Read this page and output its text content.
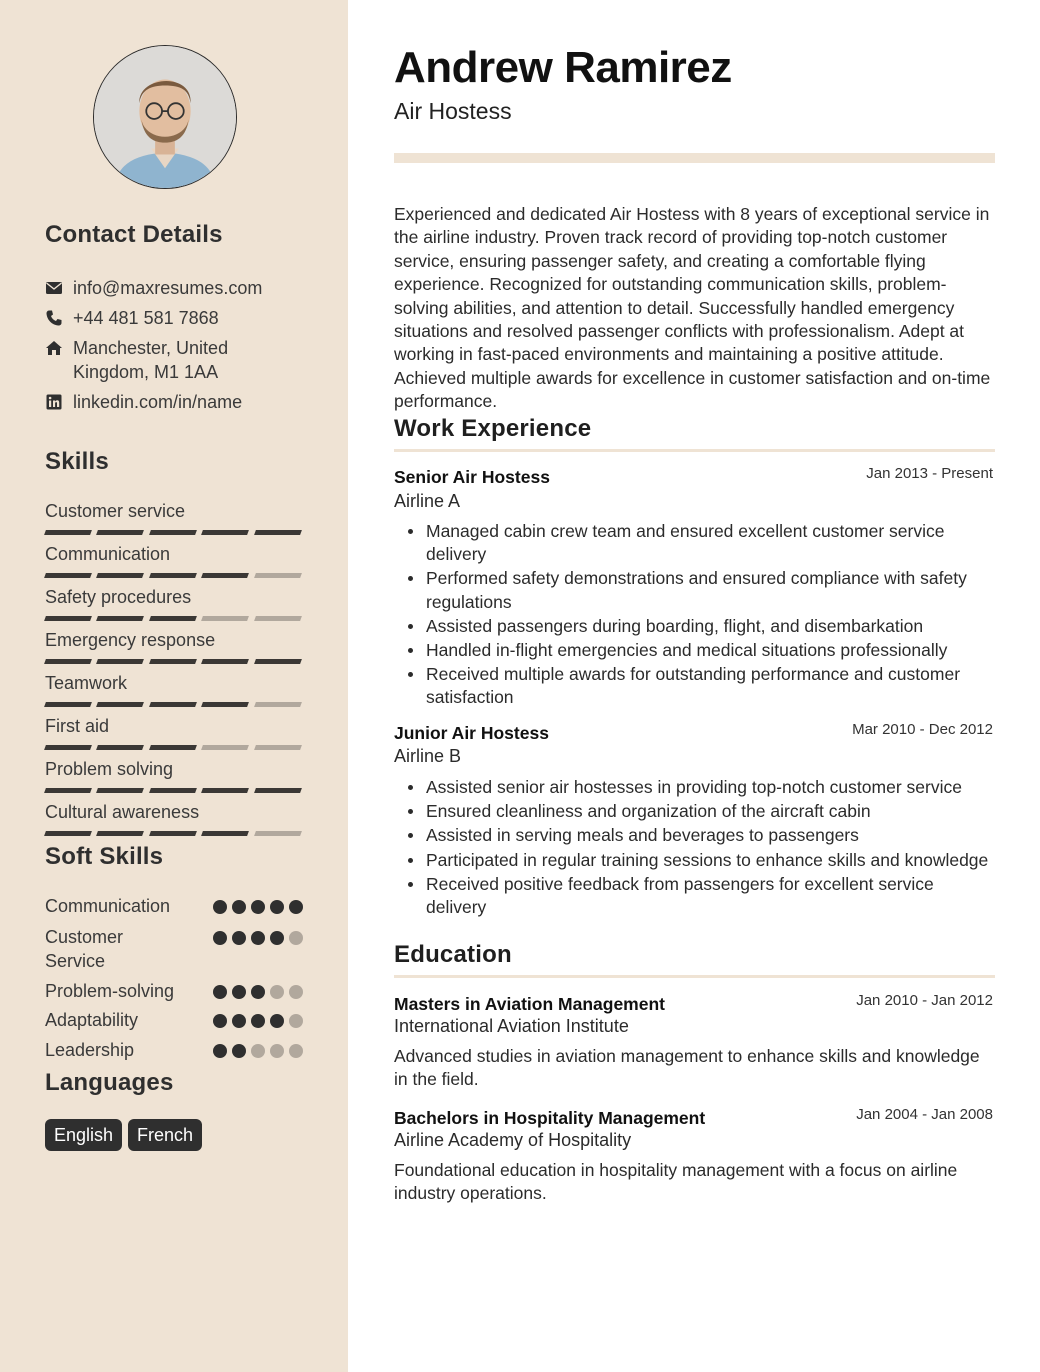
Contact Details
info@maxresumes.com
+44 481 581 7868
Manchester, United Kingdom, M1 1AA
linkedin.com/in/name
Skills
Customer service
Communication
Safety procedures
Emergency response
Teamwork
First aid
Problem solving
Cultural awareness
Soft Skills
Communication
Customer Service
Problem-solving
Adaptability
Leadership
Languages
English	French
Andrew Ramirez
Air Hostess
Experienced and dedicated Air Hostess with 8 years of exceptional service in the airline industry. Proven track record of providing top-notch customer service, ensuring passenger safety, and creating a comfortable flying experience. Recognized for outstanding communication skills, problem-solving abilities, and attention to detail. Successfully handled emergency situations and resolved passenger conflicts with professionalism. Adept at working in fast-paced environments and maintaining a positive attitude. Achieved multiple awards for excellence in customer satisfaction and on-time performance.
Work Experience
Senior Air Hostess	Jan 2013 - Present
Airline A
Managed cabin crew team and ensured excellent customer service delivery
Performed safety demonstrations and ensured compliance with safety regulations
Assisted passengers during boarding, flight, and disembarkation
Handled in-flight emergencies and medical situations professionally
Received multiple awards for outstanding performance and customer satisfaction
Junior Air Hostess	Mar 2010 - Dec 2012
Airline B
Assisted senior air hostesses in providing top-notch customer service
Ensured cleanliness and organization of the aircraft cabin
Assisted in serving meals and beverages to passengers
Participated in regular training sessions to enhance skills and knowledge
Received positive feedback from passengers for excellent service delivery
Education
Masters in Aviation Management	Jan 2010 - Jan 2012
International Aviation Institute
Advanced studies in aviation management to enhance skills and knowledge in the field.
Bachelors in Hospitality Management	Jan 2004 - Jan 2008
Airline Academy of Hospitality
Foundational education in hospitality management with a focus on airline industry operations.
